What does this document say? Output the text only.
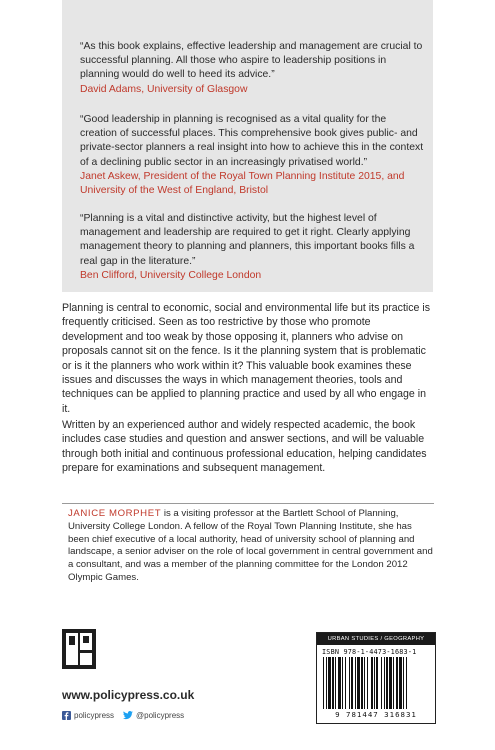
“As this book explains, effective leadership and management are crucial to successful planning. All those who aspire to leadership positions in planning would do well to heed its advice.”
David Adams, University of Glasgow
“Good leadership in planning is recognised as a vital quality for the creation of successful places. This comprehensive book gives public- and private-sector planners a real insight into how to achieve this in the context of a declining public sector in an increasingly privatised world.”
Janet Askew, President of the Royal Town Planning Institute 2015, and University of the West of England, Bristol
“Planning is a vital and distinctive activity, but the highest level of management and leadership are required to get it right. Clearly applying management theory to planning and planners, this important books fills a real gap in the literature.”
Ben Clifford, University College London
Planning is central to economic, social and environmental life but its practice is frequently criticised. Seen as too restrictive by those who promote development and too weak by those opposing it, planners who advise on proposals cannot sit on the fence. Is it the planning system that is problematic or is it the planners who work within it? This valuable book examines these issues and discusses the ways in which management theories, tools and techniques can be applied to planning practice and used by all who engage in it.
Written by an experienced author and widely respected academic, the book includes case studies and question and answer sections, and will be valuable through both initial and continuous professional education, helping candidates prepare for examinations and subsequent management.
JANICE MORPHET is a visiting professor at the Bartlett School of Planning, University College London. A fellow of the Royal Town Planning Institute, she has been chief executive of a local authority, head of university school of planning and landscape, a senior adviser on the role of local government in central government and a consultant, and was a member of the planning committee for the London 2012 Olympic Games.
www.policypress.co.uk
policypress	@policypress
URBAN STUDIES / GEOGRAPHY
ISBN 978-1-4473-1683-1
9 781447 316831
